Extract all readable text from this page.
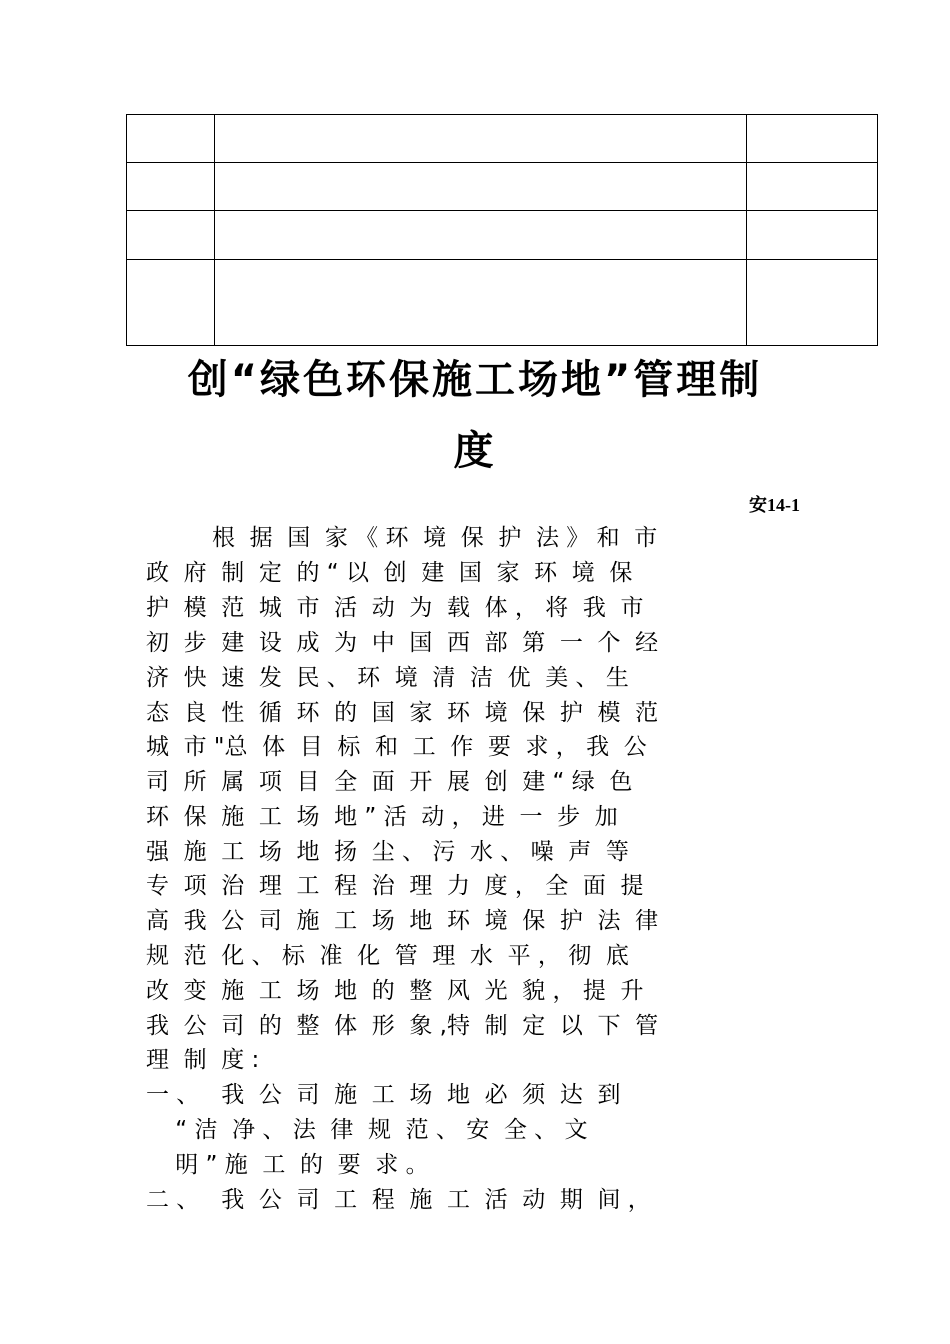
创“绿色环保施工场地”管理制
度
安14-1
根  据  国  家 《 环  境  保  护  法 》 和  市
政  府  制  定  的 “ 以  创  建  国  家  环  境  保
护  模  范  城  市  活  动  为  载  体 ， 将  我  市
初  步  建  设  成  为  中  国  西  部  第  一  个  经
济  快  速  发  民 、 环  境  清  洁  优  美 、 生
态  良  性  循  环  的  国  家  环  境  保  护  模  范
城  市 "总  体  目  标  和  工  作  要  求 ， 我  公
司  所  属  项  目  全  面  开  展  创  建 “ 绿  色
环  保  施  工  场  地 ” 活  动 ， 进  一  步  加
强  施  工  场  地  扬  尘 、 污  水 、 噪  声  等
专  项  治  理  工  程  治  理  力  度 ， 全  面  提
高  我  公  司  施  工  场  地  环  境  保  护  法  律
规  范  化 、 标  准  化  管  理  水  平 ， 彻  底
改  变  施  工  场  地  的  整  风  光  貌 ， 提  升
我  公  司  的  整  体  形  象 ,特  制  定  以  下  管
理  制  度 :
一 、   我  公  司  施  工  场  地  必  须  达  到
“ 洁  净 、 法  律  规  范 、 安  全 、 文
明 ” 施  工  的  要  求 。
二 、   我  公  司  工  程  施  工  活  动  期  间 ，
